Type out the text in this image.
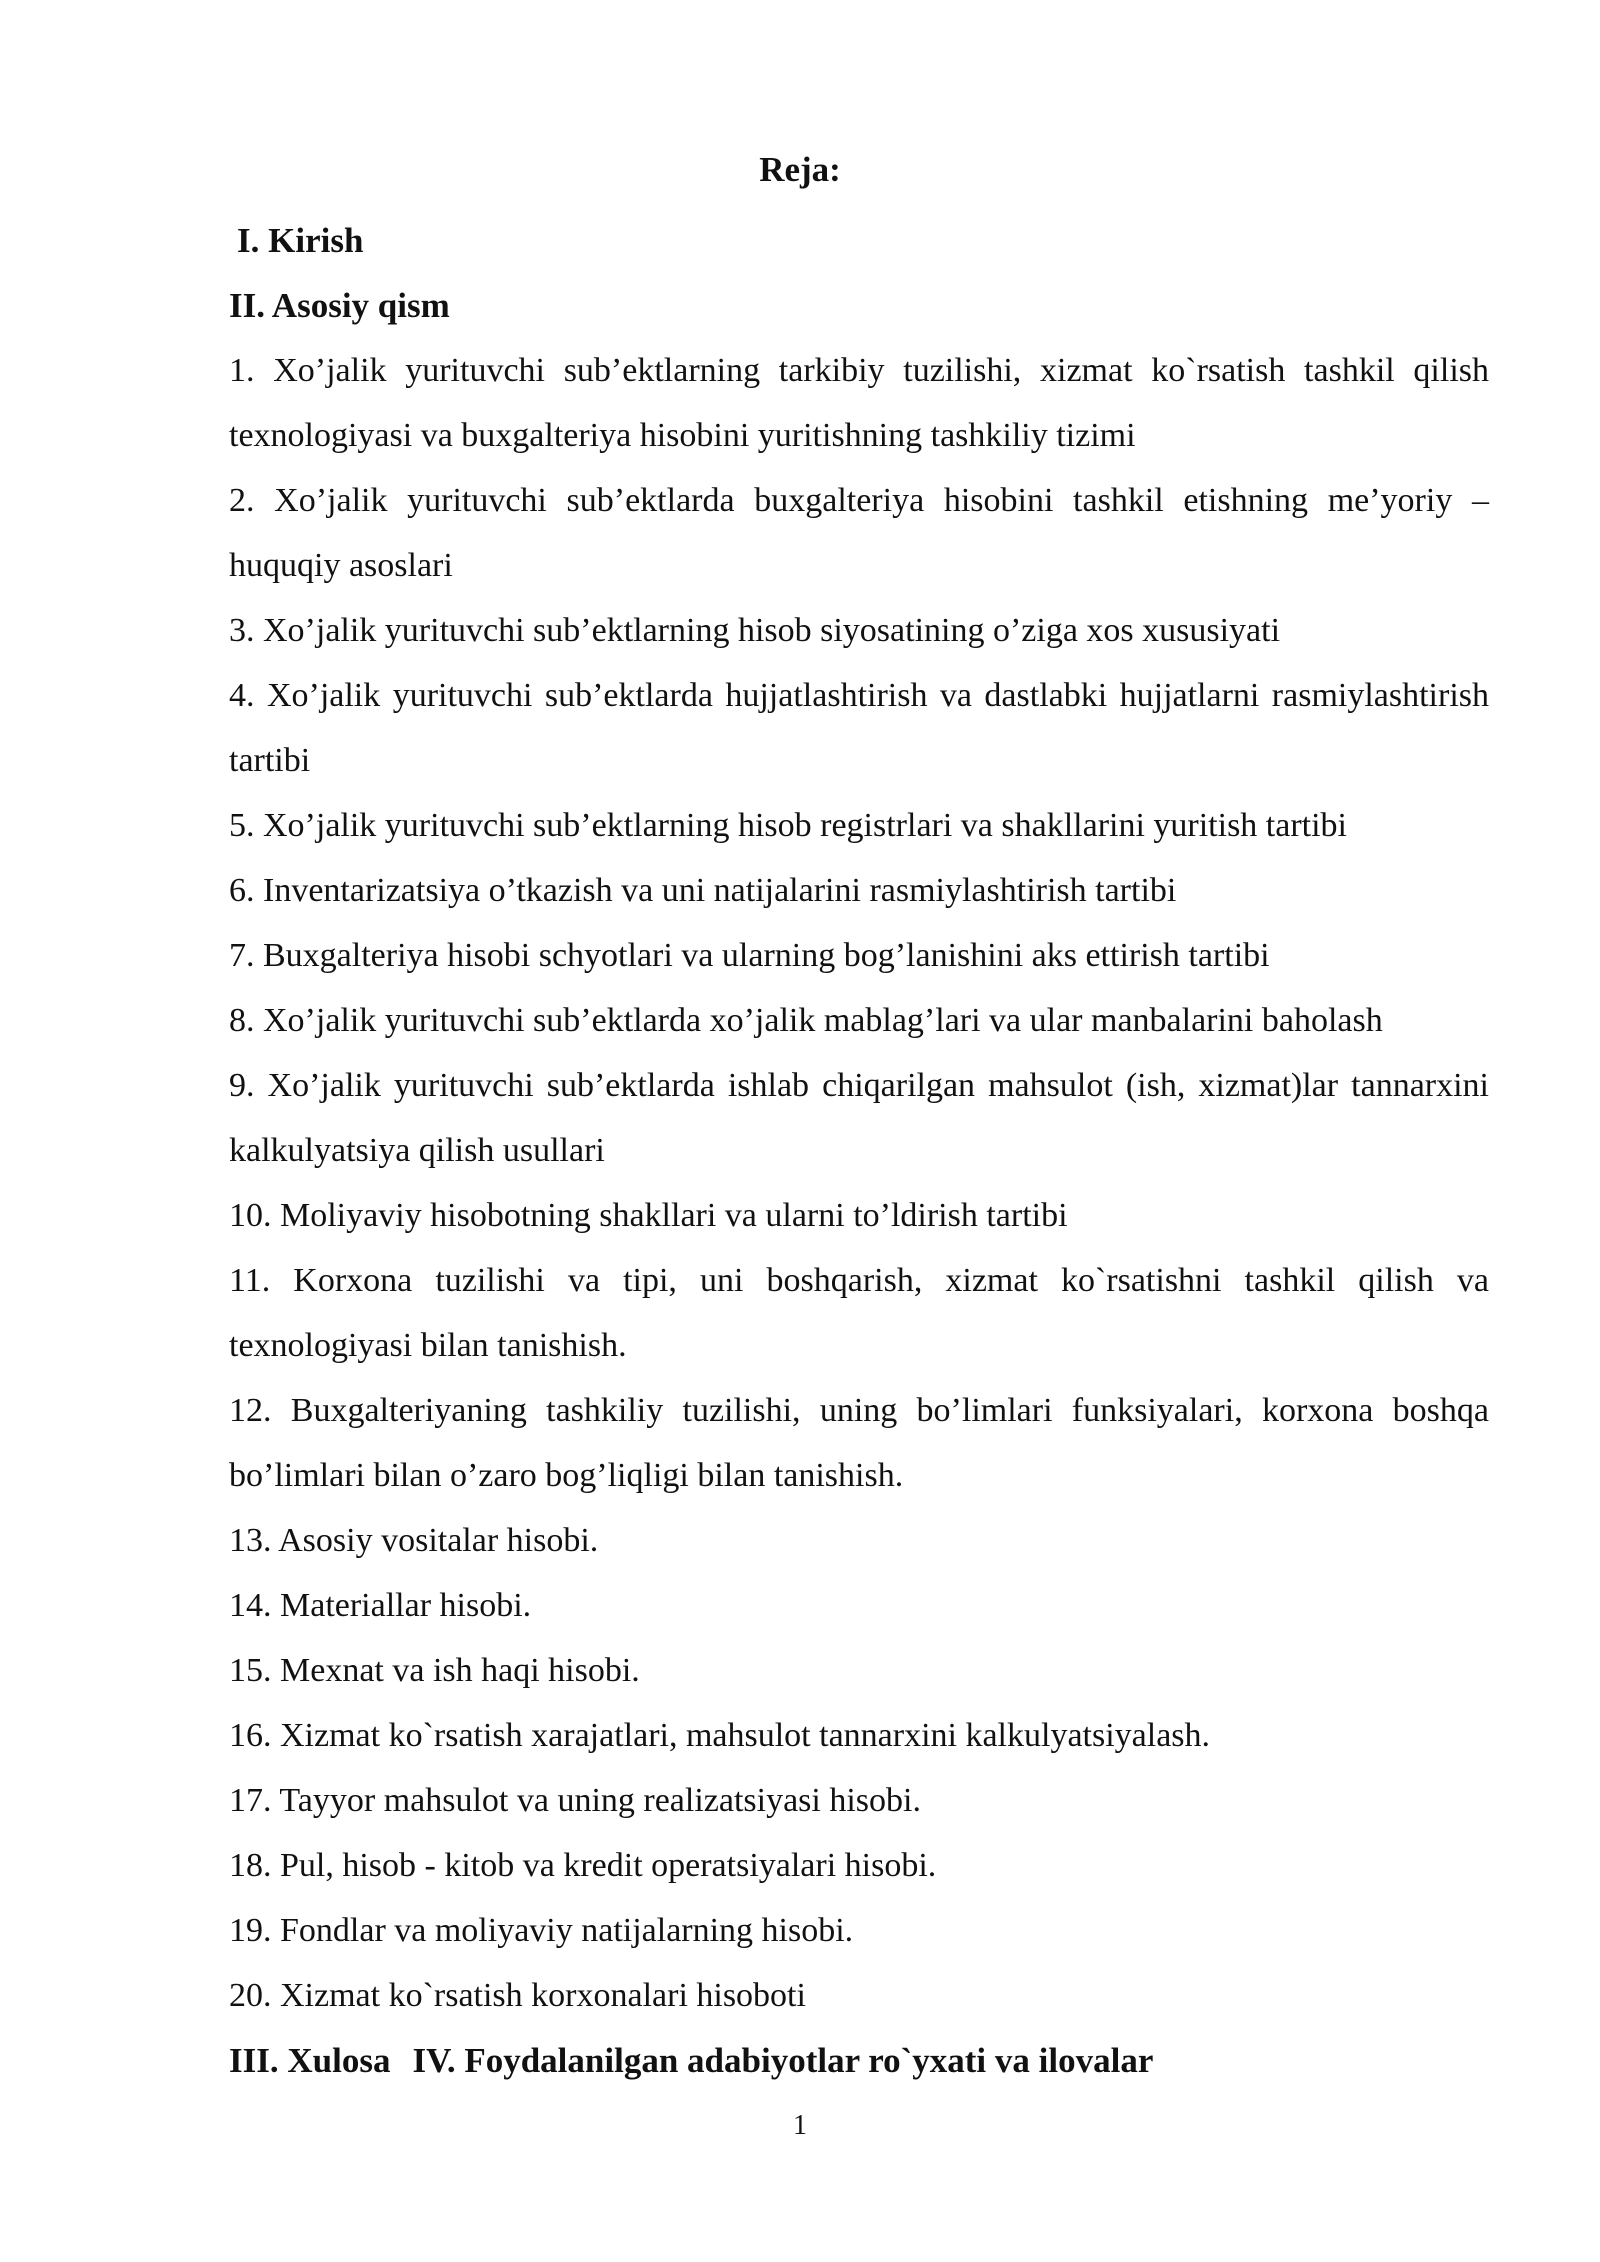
Reja:

I. Kirish

II. Asosiy qism

1. Xo’jalik yurituvchi sub’ektlarning tarkibiy tuzilishi, xizmat ko`rsatish tashkil qilish texnologiyasi va buxgalteriya hisobini yuritishning tashkiliy tizimi

2. Xo’jalik yurituvchi sub’ektlarda buxgalteriya hisobini tashkil etishning me’yoriy – huquqiy asoslari

3. Xo’jalik yurituvchi sub’ektlarning hisob siyosatining o’ziga xos xususiyati

4. Xo’jalik yurituvchi sub’ektlarda hujjatlashtirish va dastlabki hujjatlarni rasmiylashtirish tartibi

5. Xo’jalik yurituvchi sub’ektlarning hisob registrlari va shakllarini yuritish tartibi

6. Inventarizatsiya o’tkazish va uni natijalarini rasmiylashtirish tartibi

7. Buxgalteriya hisobi schyotlari va ularning bog’lanishini aks ettirish tartibi

8. Xo’jalik yurituvchi sub’ektlarda xo’jalik mablag’lari va ular manbalarini baholash

9. Xo’jalik yurituvchi sub’ektlarda ishlab chiqarilgan mahsulot (ish, xizmat)lar tannarxini kalkulyatsiya qilish usullari

10. Moliyaviy hisobotning shakllari va ularni to’ldirish tartibi

11. Korxona tuzilishi va tipi, uni boshqarish, xizmat ko`rsatishni tashkil qilish va texnologiyasi bilan tanishish.

12. Buxgalteriyaning tashkiliy tuzilishi, uning bo’limlari funksiyalari, korxona boshqa bo’limlari bilan o’zaro bog’liqligi bilan tanishish.

13. Asosiy vositalar hisobi.

14. Materiallar hisobi.

15. Mexnat va ish haqi hisobi.

16. Xizmat ko`rsatish xarajatlari, mahsulot tannarxini kalkulyatsiyalash.

17. Tayyor mahsulot va uning realizatsiyasi hisobi.

18. Pul, hisob - kitob va kredit operatsiyalari hisobi.

19. Fondlar va moliyaviy natijalarning hisobi.

20. Xizmat ko`rsatish korxonalari hisoboti

III. Xulosa IV. Foydalanilgan adabiyotlar ro`yxati va ilovalar

1
